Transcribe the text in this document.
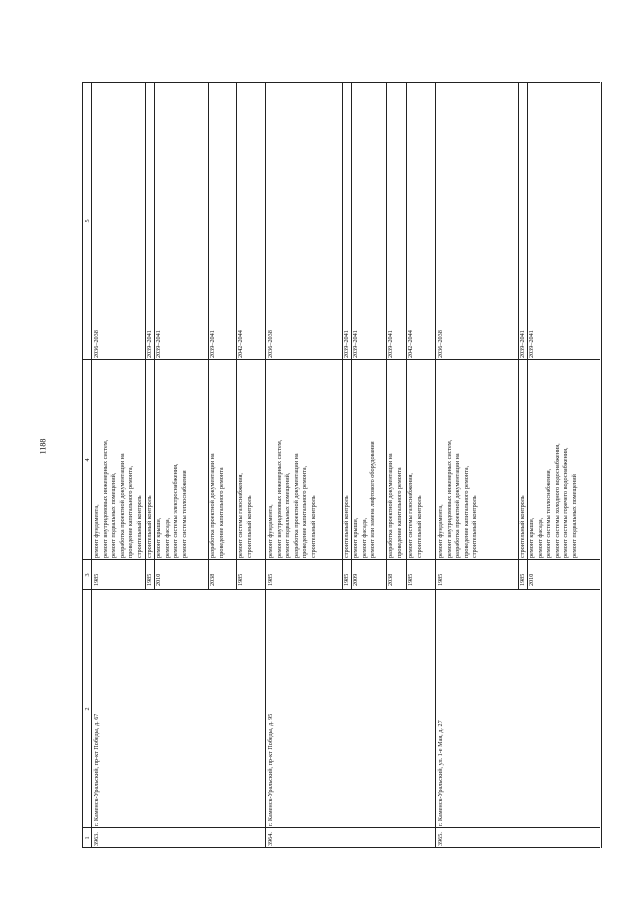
1188
1
2
3
4
5
3963.
г. Каменск-Уральский, пр-кт Победы, д. 67
1985
ремонт фундамента, ремонт внутридомовых инженерных систем, ремонт подвальных помещений, разработка проектной документации на проведение капитального ремонта, строительный контроль
2036–2038
1985
строительный контроль
2039–2041
2010
ремонт крыши, ремонт фасада, ремонт системы электроснабжения, ремонт системы теплоснабжения
2039–2041
2038
разработка проектной документации на проведение капитального ремонта
2039–2041
1985
ремонт системы газоснабжения, строительный контроль
2042–2044
3964.
г. Каменск-Уральский, пр-кт Победы, д. 95
1985
ремонт фундамента, ремонт внутридомовых инженерных систем, ремонт подвальных помещений, разработка проектной документации на проведение капитального ремонта, строительный контроль
2036–2038
1985
строительный контроль
2039–2041
2009
ремонт крыши, ремонт фасада, ремонт или замена лифтового оборудования
2039–2041
2038
разработка проектной документации на проведение капитального ремонта
2039–2041
1985
ремонт системы газоснабжения, строительный контроль
2042–2044
3965.
г. Каменск-Уральский, ул. 1-е Мая, д. 27
1985
ремонт фундамента, ремонт внутридомовых инженерных систем, разработка проектной документации на проведение капитального ремонта, строительный контроль
2036–2038
1985
строительный контроль
2039–2041
2010
ремонт крыши, ремонт фасада, ремонт системы теплоснабжения, ремонт системы холодного водоснабжения, ремонт системы горячего водоснабжения, ремонт подвальных помещений
2039–2041
